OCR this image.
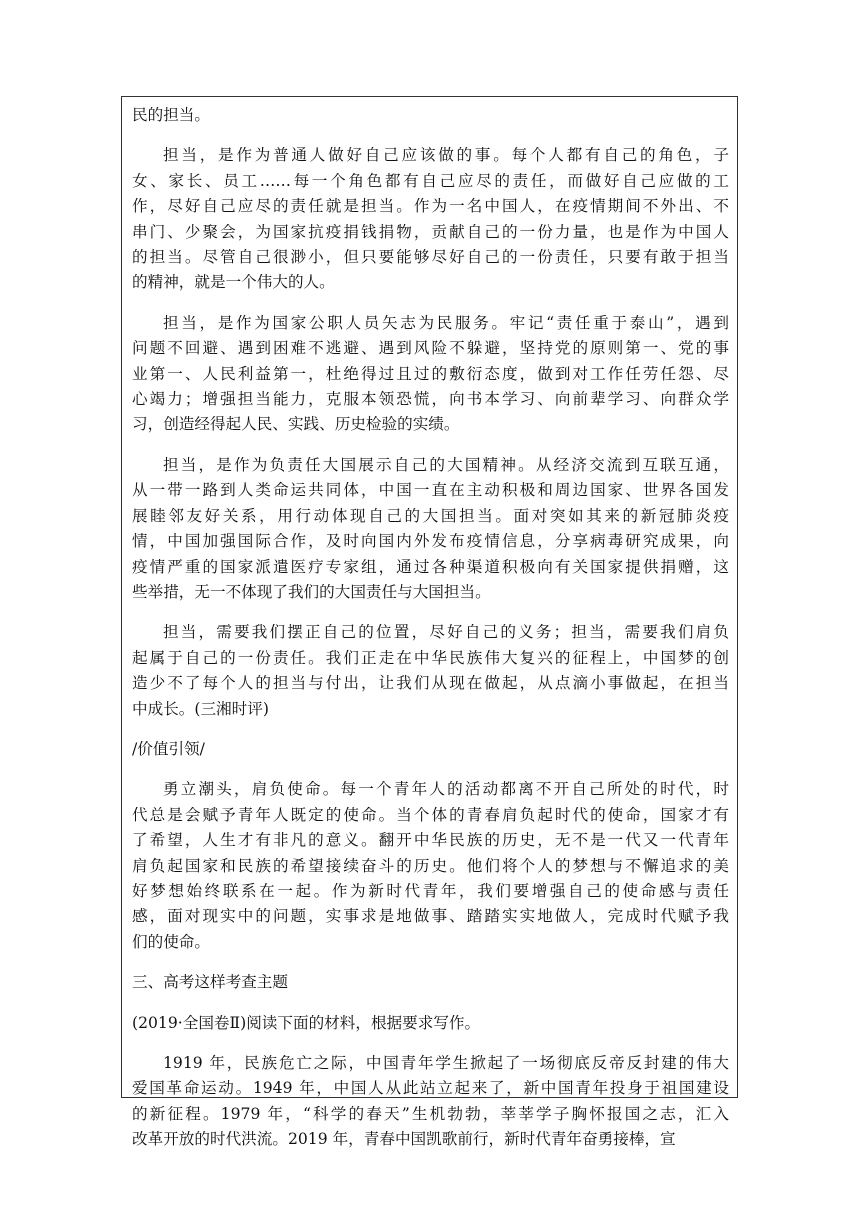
民的担当。
担当，是作为普通人做好自己应该做的事。每个人都有自己的角色，子
女、家长、员工……每一个角色都有自己应尽的责任，而做好自己应做的工
作，尽好自己应尽的责任就是担当。作为一名中国人，在疫情期间不外出、不
串门、少聚会，为国家抗疫捐钱捐物，贡献自己的一份力量，也是作为中国人
的担当。尽管自己很渺小，但只要能够尽好自己的一份责任，只要有敢于担当
的精神，就是一个伟大的人。
担当，是作为国家公职人员矢志为民服务。牢记“责任重于泰山”，遇到
问题不回避、遇到困难不逃避、遇到风险不躲避，坚持党的原则第一、党的事
业第一、人民利益第一，杜绝得过且过的敷衍态度，做到对工作任劳任怨、尽
心竭力；增强担当能力，克服本领恐慌，向书本学习、向前辈学习、向群众学
习，创造经得起人民、实践、历史检验的实绩。
担当，是作为负责任大国展示自己的大国精神。从经济交流到互联互通，
从一带一路到人类命运共同体，中国一直在主动积极和周边国家、世界各国发
展睦邻友好关系，用行动体现自己的大国担当。面对突如其来的新冠肺炎疫
情，中国加强国际合作，及时向国内外发布疫情信息，分享病毒研究成果，向
疫情严重的国家派遣医疗专家组，通过各种渠道积极向有关国家提供捐赠，这
些举措，无一不体现了我们的大国责任与大国担当。
担当，需要我们摆正自己的位置，尽好自己的义务；担当，需要我们肩负
起属于自己的一份责任。我们正走在中华民族伟大复兴的征程上，中国梦的创
造少不了每个人的担当与付出，让我们从现在做起，从点滴小事做起，在担当
中成长。(三湘时评)
/价值引领/
勇立潮头，肩负使命。每一个青年人的活动都离不开自己所处的时代，时
代总是会赋予青年人既定的使命。当个体的青春肩负起时代的使命，国家才有
了希望，人生才有非凡的意义。翻开中华民族的历史，无不是一代又一代青年
肩负起国家和民族的希望接续奋斗的历史。他们将个人的梦想与不懈追求的美
好梦想始终联系在一起。作为新时代青年，我们要增强自己的使命感与责任
感，面对现实中的问题，实事求是地做事、踏踏实实地做人，完成时代赋予我
们的使命。
三、高考这样考查主题
(2019·全国卷Ⅱ)阅读下面的材料，根据要求写作。
1919 年，民族危亡之际，中国青年学生掀起了一场彻底反帝反封建的伟大
爱国革命运动。1949 年，中国人从此站立起来了，新中国青年投身于祖国建设
的新征程。1979 年，“科学的春天”生机勃勃，莘莘学子胸怀报国之志，汇入
改革开放的时代洪流。2019 年，青春中国凯歌前行，新时代青年奋勇接棒，宣
